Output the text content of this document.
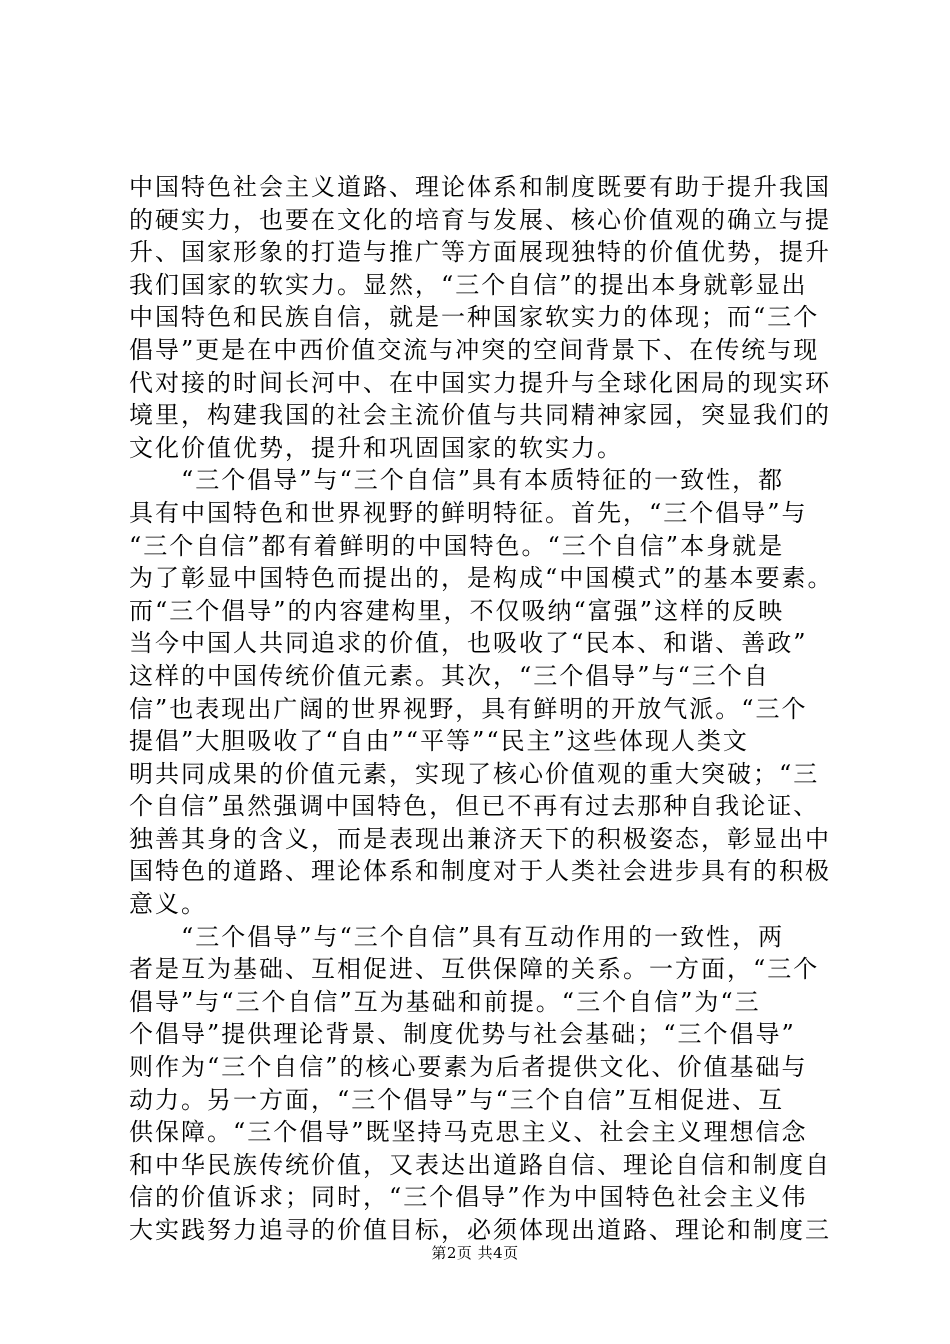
中国特色社会主义道路、理论体系和制度既要有助于提升我国
的硬实力，也要在文化的培育与发展、核心价值观的确立与提
升、国家形象的打造与推广等方面展现独特的价值优势，提升
我们国家的软实力。显然，“三个自信”的提出本身就彰显出
中国特色和民族自信，就是一种国家软实力的体现；而“三个
倡导”更是在中西价值交流与冲突的空间背景下、在传统与现
代对接的时间长河中、在中国实力提升与全球化困局的现实环
境里，构建我国的社会主流价值与共同精神家园，突显我们的
文化价值优势，提升和巩固国家的软实力。
　　“三个倡导”与“三个自信”具有本质特征的一致性，都
具有中国特色和世界视野的鲜明特征。首先，“三个倡导”与
“三个自信”都有着鲜明的中国特色。“三个自信”本身就是
为了彰显中国特色而提出的，是构成“中国模式”的基本要素。
而“三个倡导”的内容建构里，不仅吸纳“富强”这样的反映
当今中国人共同追求的价值，也吸收了“民本、和谐、善政”
这样的中国传统价值元素。其次，“三个倡导”与“三个自
信”也表现出广阔的世界视野，具有鲜明的开放气派。“三个
提倡”大胆吸收了“自由”“平等”“民主”这些体现人类文
明共同成果的价值元素，实现了核心价值观的重大突破；“三
个自信”虽然强调中国特色，但已不再有过去那种自我论证、
独善其身的含义，而是表现出兼济天下的积极姿态，彰显出中
国特色的道路、理论体系和制度对于人类社会进步具有的积极
意义。
　　“三个倡导”与“三个自信”具有互动作用的一致性，两
者是互为基础、互相促进、互供保障的关系。一方面，“三个
倡导”与“三个自信”互为基础和前提。“三个自信”为“三
个倡导”提供理论背景、制度优势与社会基础；“三个倡导”
则作为“三个自信”的核心要素为后者提供文化、价值基础与
动力。另一方面，“三个倡导”与“三个自信”互相促进、互
供保障。“三个倡导”既坚持马克思主义、社会主义理想信念
和中华民族传统价值，又表达出道路自信、理论自信和制度自
信的价值诉求；同时，“三个倡导”作为中国特色社会主义伟
大实践努力追寻的价值目标，必须体现出道路、理论和制度三
第2页 共4页
